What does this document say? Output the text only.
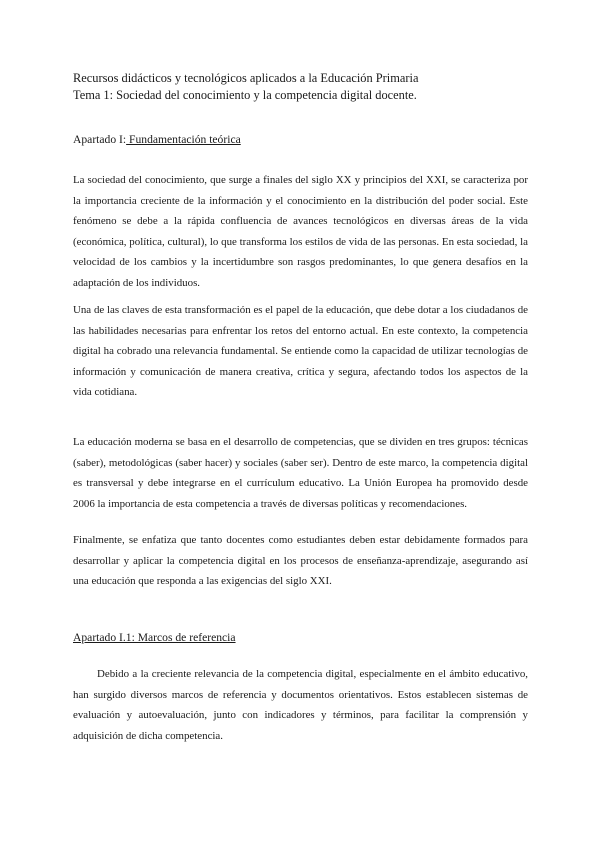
Recursos didácticos y tecnológicos aplicados a la Educación Primaria

Tema 1: Sociedad del conocimiento y la competencia digital docente.

Apartado I: Fundamentación teórica

La sociedad del conocimiento, que surge a finales del siglo XX y principios del XXI, se caracteriza por la importancia creciente de la información y el conocimiento en la distribución del poder social. Este fenómeno se debe a la rápida confluencia de avances tecnológicos en diversas áreas de la vida (económica, política, cultural), lo que transforma los estilos de vida de las personas. En esta sociedad, la velocidad de los cambios y la incertidumbre son rasgos predominantes, lo que genera desafíos en la adaptación de los individuos.

Una de las claves de esta transformación es el papel de la educación, que debe dotar a los ciudadanos de las habilidades necesarias para enfrentar los retos del entorno actual. En este contexto, la competencia digital ha cobrado una relevancia fundamental. Se entiende como la capacidad de utilizar tecnologías de información y comunicación de manera creativa, crítica y segura, afectando todos los aspectos de la vida cotidiana.

La educación moderna se basa en el desarrollo de competencias, que se dividen en tres grupos: técnicas (saber), metodológicas (saber hacer) y sociales (saber ser). Dentro de este marco, la competencia digital es transversal y debe integrarse en el currículum educativo. La Unión Europea ha promovido desde 2006 la importancia de esta competencia a través de diversas políticas y recomendaciones.

Finalmente, se enfatiza que tanto docentes como estudiantes deben estar debidamente formados para desarrollar y aplicar la competencia digital en los procesos de enseñanza-aprendizaje, asegurando así una educación que responda a las exigencias del siglo XXI.

Apartado I.1: Marcos de referencia

Debido a la creciente relevancia de la competencia digital, especialmente en el ámbito educativo, han surgido diversos marcos de referencia y documentos orientativos. Estos establecen sistemas de evaluación y autoevaluación, junto con indicadores y términos, para facilitar la comprensión y adquisición de dicha competencia.
